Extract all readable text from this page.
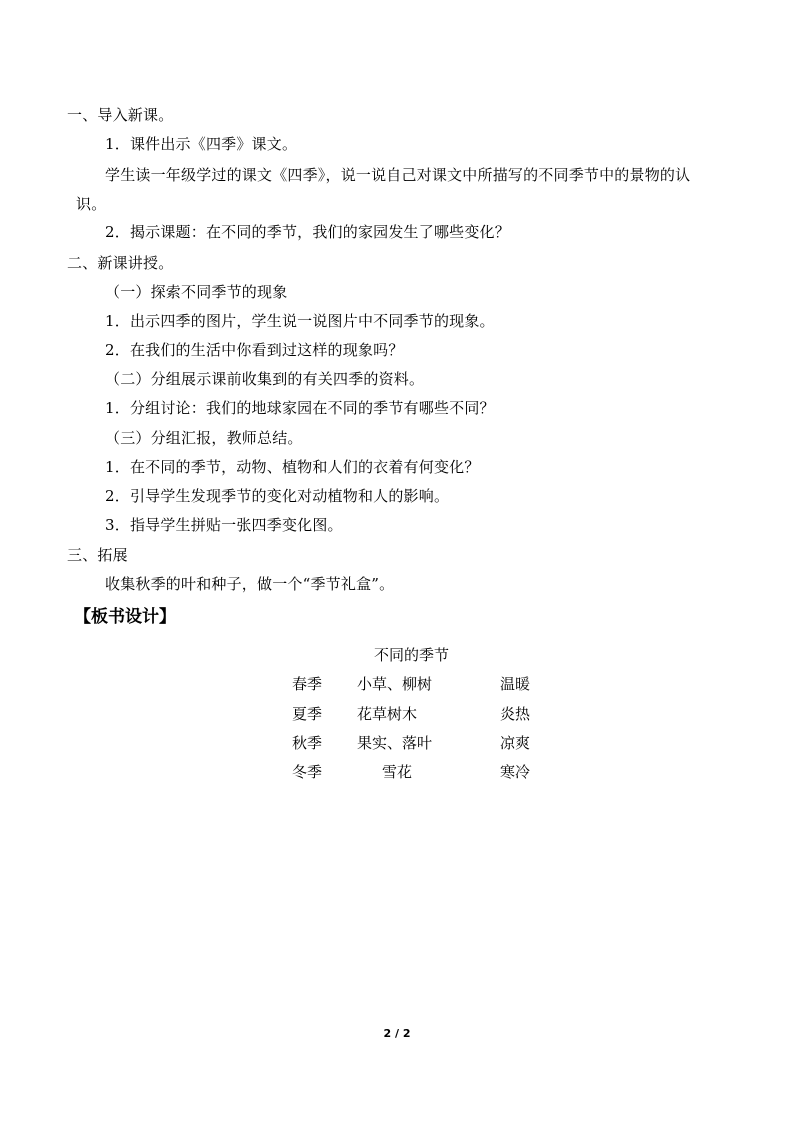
一、导入新课。
1．课件出示《四季》课文。
学生读一年级学过的课文《四季》，说一说自己对课文中所描写的不同季节中的景物的认
识。
2．揭示课题：在不同的季节，我们的家园发生了哪些变化？
二、新课讲授。
（一）探索不同季节的现象
1．出示四季的图片，学生说一说图片中不同季节的现象。
2．在我们的生活中你看到过这样的现象吗？
（二）分组展示课前收集到的有关四季的资料。
1．分组讨论：我们的地球家园在不同的季节有哪些不同？
（三）分组汇报，教师总结。
1．在不同的季节，动物、植物和人们的衣着有何变化？
2．引导学生发现季节的变化对动植物和人的影响。
3．指导学生拼贴一张四季变化图。
三、拓展
收集秋季的叶和种子，做一个“季节礼盒”。
【板书设计】
不同的季节
春季 小草、柳树	温暖
夏季 花草树木	炎热
秋季 果实、落叶	凉爽
冬季	雪花	寒冷
2 / 2
